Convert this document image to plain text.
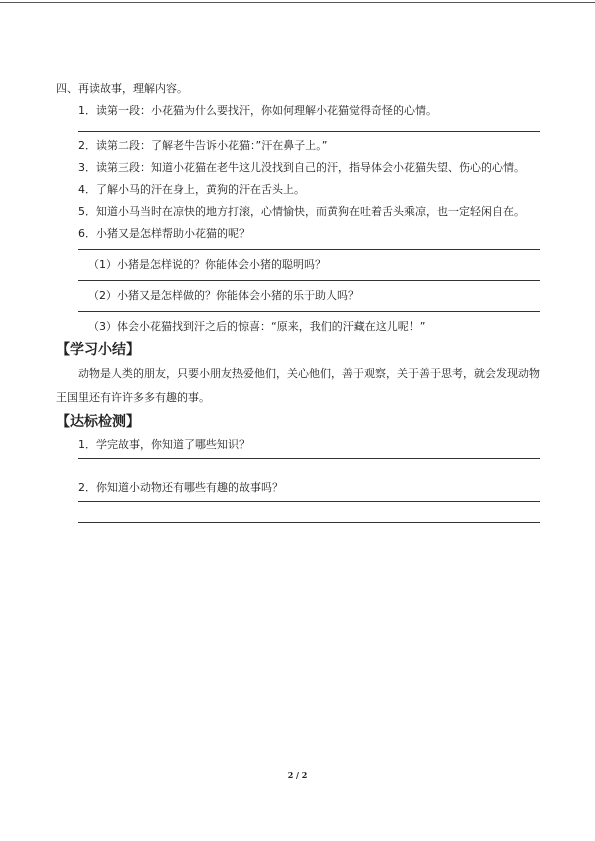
四、再读故事，理解内容。

1．读第一段：小花猫为什么要找汗，你如何理解小花猫觉得奇怪的心情。

2．读第二段：了解老牛告诉小花猫：”汗在鼻子上。”

3．读第三段：知道小花猫在老牛这儿没找到自己的汗，指导体会小花猫失望、伤心的心情。

4．了解小马的汗在身上，黄狗的汗在舌头上。

5．知道小马当时在凉快的地方打滚，心情愉快，而黄狗在吐着舌头乘凉，也一定轻闲自在。

6．小猪又是怎样帮助小花猫的呢？

（1）小猪是怎样说的？你能体会小猪的聪明吗？

（2）小猪又是怎样做的？你能体会小猪的乐于助人吗？

（3）体会小花猫找到汗之后的惊喜：“原来，我们的汗藏在这儿呢！”

【学习小结】

动物是人类的朋友，只要小朋友热爱他们，关心他们，善于观察，关于善于思考，就会发现动物王国里还有许许多多有趣的事。

【达标检测】

1．学完故事，你知道了哪些知识？

2．你知道小动物还有哪些有趣的故事吗？

2 / 2
